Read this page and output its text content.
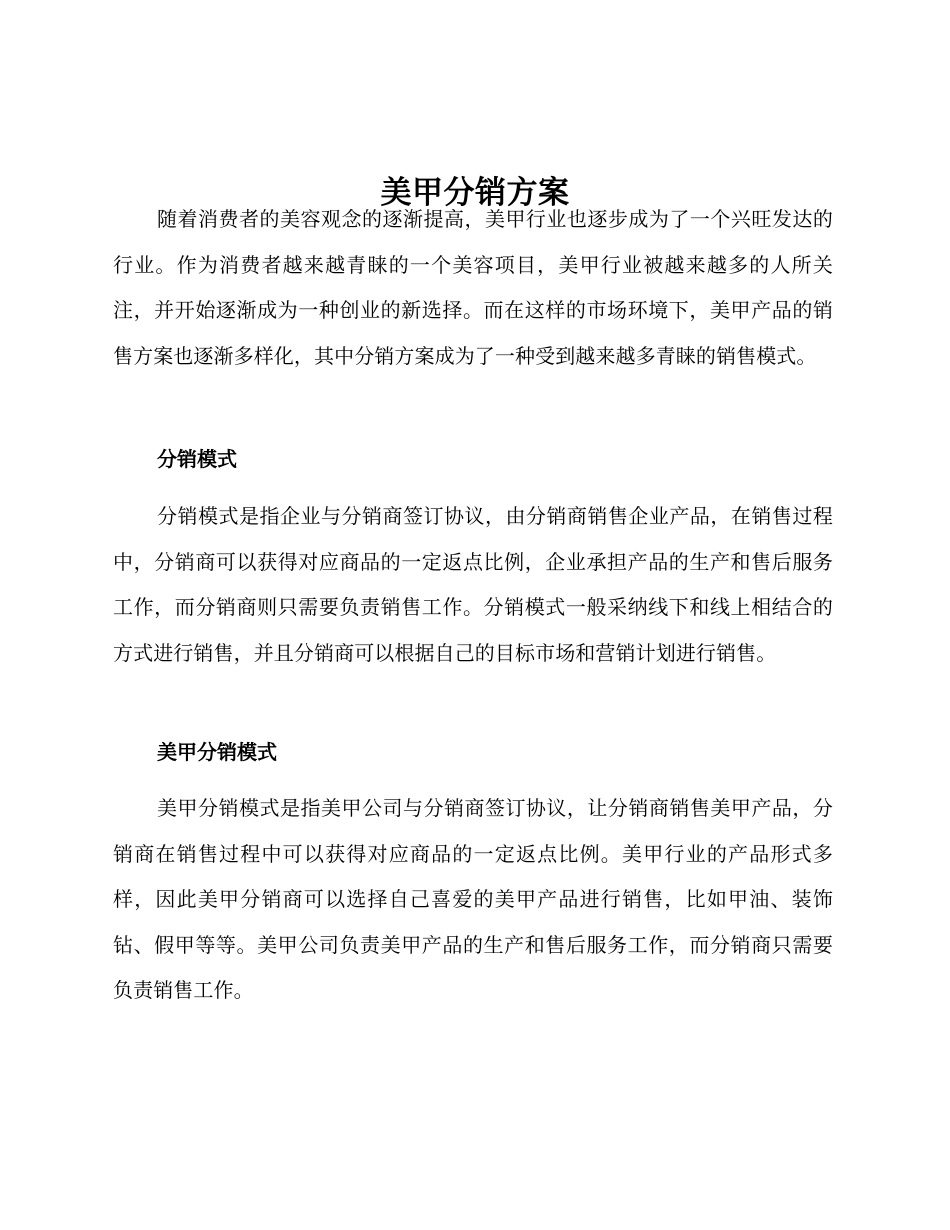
美甲分销方案

随着消费者的美容观念的逐渐提高，美甲行业也逐步成为了一个兴旺发达的行业。作为消费者越来越青睐的一个美容项目，美甲行业被越来越多的人所关注，并开始逐渐成为一种创业的新选择。而在这样的市场环境下，美甲产品的销售方案也逐渐多样化，其中分销方案成为了一种受到越来越多青睐的销售模式。

分销模式

分销模式是指企业与分销商签订协议，由分销商销售企业产品，在销售过程中，分销商可以获得对应商品的一定返点比例，企业承担产品的生产和售后服务工作，而分销商则只需要负责销售工作。分销模式一般采纳线下和线上相结合的方式进行销售，并且分销商可以根据自己的目标市场和营销计划进行销售。

美甲分销模式

美甲分销模式是指美甲公司与分销商签订协议，让分销商销售美甲产品，分销商在销售过程中可以获得对应商品的一定返点比例。美甲行业的产品形式多样，因此美甲分销商可以选择自己喜爱的美甲产品进行销售，比如甲油、装饰钻、假甲等等。美甲公司负责美甲产品的生产和售后服务工作，而分销商只需要负责销售工作。
